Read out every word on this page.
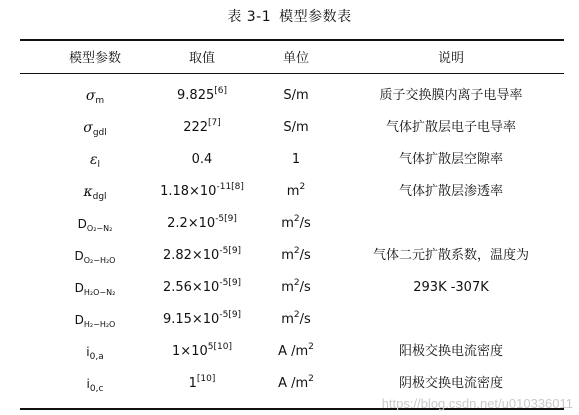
表 3-1 模型参数表
模型参数	取值	单位	说明
$\sigma_m$	9.825[6]	S/m	质子交换膜内离子电导率
$\sigma_{gdl}$	222[7]	S/m	气体扩散层电子电导率
$\varepsilon_l$	0.4	1	气体扩散层空隙率
$\kappa_{dgl}$	$1.18\times 10^{-11[8]}$	$m^2$	气体扩散层渗透率
$D_{O_2-N_2}$	$2.2\times 10^{-5[9]}$	$m^2/s$
$D_{O_2-H_2O}$	$2.82\times 10^{-5[9]}$	$m^2/s$	气体二元扩散系数，温度为
$D_{H_2O-N_2}$	$2.56\times 10^{-5[9]}$	$m^2/s$	293K -307K
$D_{H_2-H_2O}$	$9.15\times 10^{-5[9]}$	$m^2/s$
$i_{0,a}$	$1\times 10^{5[10]}$	A $/m^2$	阳极交换电流密度
$i_{0,c}$	1[10]	A $/m^2$	阴极交换电流密度
https://blog.csdn.net/u010336011
